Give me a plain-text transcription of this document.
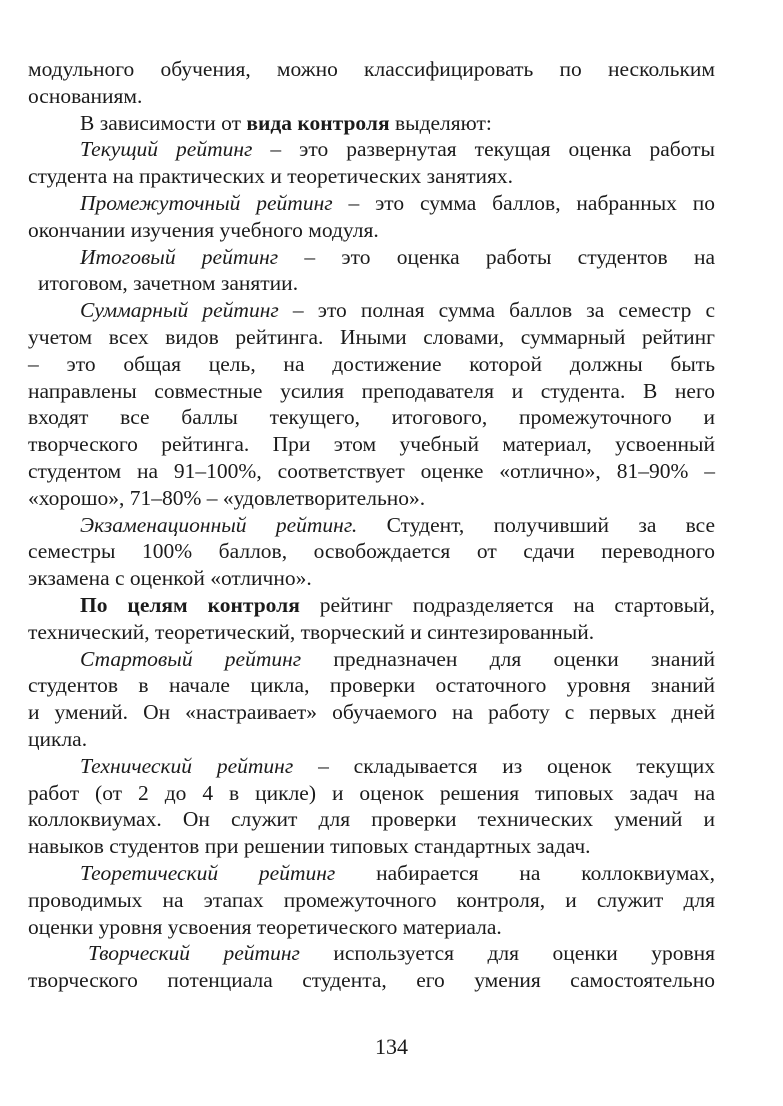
модульного обучения, можно классифицировать по нескольким

основаниям.

В зависимости от вида контроля выделяют:

Текущий рейтинг – это развернутая текущая оценка работы

студента на практических и теоретических занятиях.

Промежуточный рейтинг – это сумма баллов, набранных по

окончании изучения учебного модуля.

Итоговый рейтинг – это оценка работы студентов на

итоговом, зачетном занятии.

Суммарный рейтинг – это полная сумма баллов за семестр с

учетом всех видов рейтинга. Иными словами, суммарный рейтинг

– это общая цель, на достижение которой должны быть

направлены совместные усилия преподавателя и студента. В него

входят все баллы текущего, итогового, промежуточного и

творческого рейтинга. При этом учебный материал, усвоенный

студентом на 91–100%, соответствует оценке «отлично», 81–90% –

«хорошо», 71–80% – «удовлетворительно».

Экзаменационный рейтинг. Студент, получивший за все

семестры 100% баллов, освобождается от сдачи переводного

экзамена с оценкой «отлично».

По целям контроля рейтинг подразделяется на стартовый,

технический, теоретический, творческий и синтезированный.

Стартовый рейтинг предназначен для оценки знаний

студентов в начале цикла, проверки остаточного уровня знаний

и умений. Он «настраивает» обучаемого на работу с первых дней

цикла.

Технический рейтинг – складывается из оценок текущих

работ (от 2 до 4 в цикле) и оценок решения типовых задач на

коллоквиумах. Он служит для проверки технических умений и

навыков студентов при решении типовых стандартных задач.

Теоретический рейтинг набирается на коллоквиумах,

проводимых на этапах промежуточного контроля, и служит для

оценки уровня усвоения теоретического материала.

Творческий рейтинг используется для оценки уровня

творческого потенциала студента, его умения самостоятельно

134
